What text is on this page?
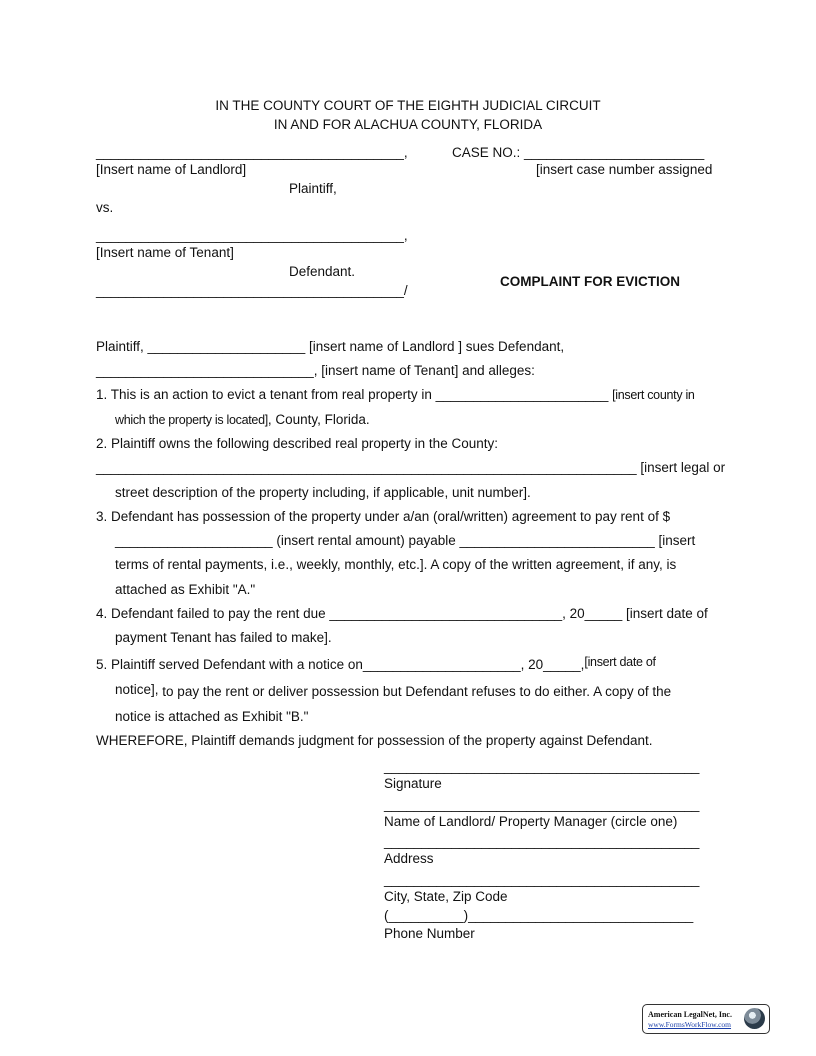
IN THE COUNTY COURT OF THE EIGHTH JUDICIAL CIRCUIT
IN AND FOR ALACHUA COUNTY, FLORIDA
_________________________________________,	CASE NO.: ________________________
[Insert name of Landlord]	[insert case number assigned
Plaintiff,
vs.
_________________________________________,
[Insert name of Tenant]
Defendant.
COMPLAINT FOR EVICTION
_________________________________________/
Plaintiff, _____________________ [insert name of Landlord ] sues Defendant,
_____________________________, [insert name of Tenant] and alleges:
1. This is an action to evict a tenant from real property in _______________________ [insert county in
which the property is located], County, Florida.
2. Plaintiff owns the following described real property in the County:
________________________________________________________________________ [insert legal or
street description of the property including, if applicable, unit number].
3. Defendant has possession of the property under a/an (oral/written) agreement to pay rent of $
_____________________ (insert rental amount) payable __________________________ [insert
terms of rental payments, i.e., weekly, monthly, etc.]. A copy of the written agreement, if any, is
attached as Exhibit "A."
4. Defendant failed to pay the rent due _______________________________, 20_____ [insert date of
payment Tenant has failed to make].
5. Plaintiff served Defendant with a notice on_____________________, 20_____,[insert date of
notice], to pay the rent or deliver possession but Defendant refuses to do either. A copy of the
notice is attached as Exhibit "B."
WHEREFORE, Plaintiff demands judgment for possession of the property against Defendant.
__________________________________________
Signature
__________________________________________
Name of Landlord/ Property Manager (circle one)
__________________________________________
Address
__________________________________________
City, State, Zip Code
(__________)______________________________
Phone Number
American LegalNet, Inc.
www.FormsWorkFlow.com
